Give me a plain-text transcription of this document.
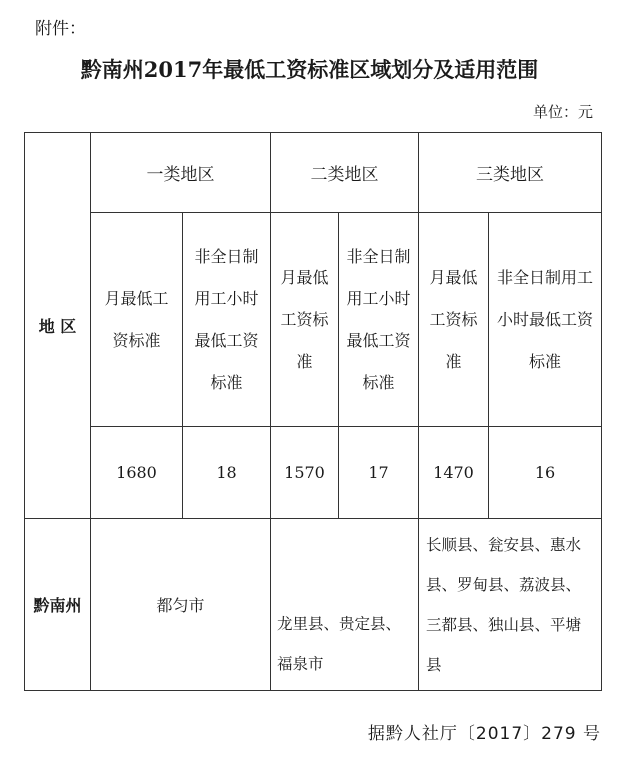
附件：
黔南州2017年最低工资标准区域划分及适用范围
单位：元
地 区	一类地区		二类地区		三类地区	

	月最低工资标准	非全日制用工小时最低工资标准	月最低工资标准	非全日制用工小时最低工资标准	月最低工资标准	非全日制用工小时最低工资标准

	1680	18	1570	17	1470	16
黔南州	都匀市		龙里县、贵定县、福泉市		长顺县、瓮安县、惠水县、罗甸县、荔波县、三都县、独山县、平塘县	
据黔人社厅〔2017〕279 号
